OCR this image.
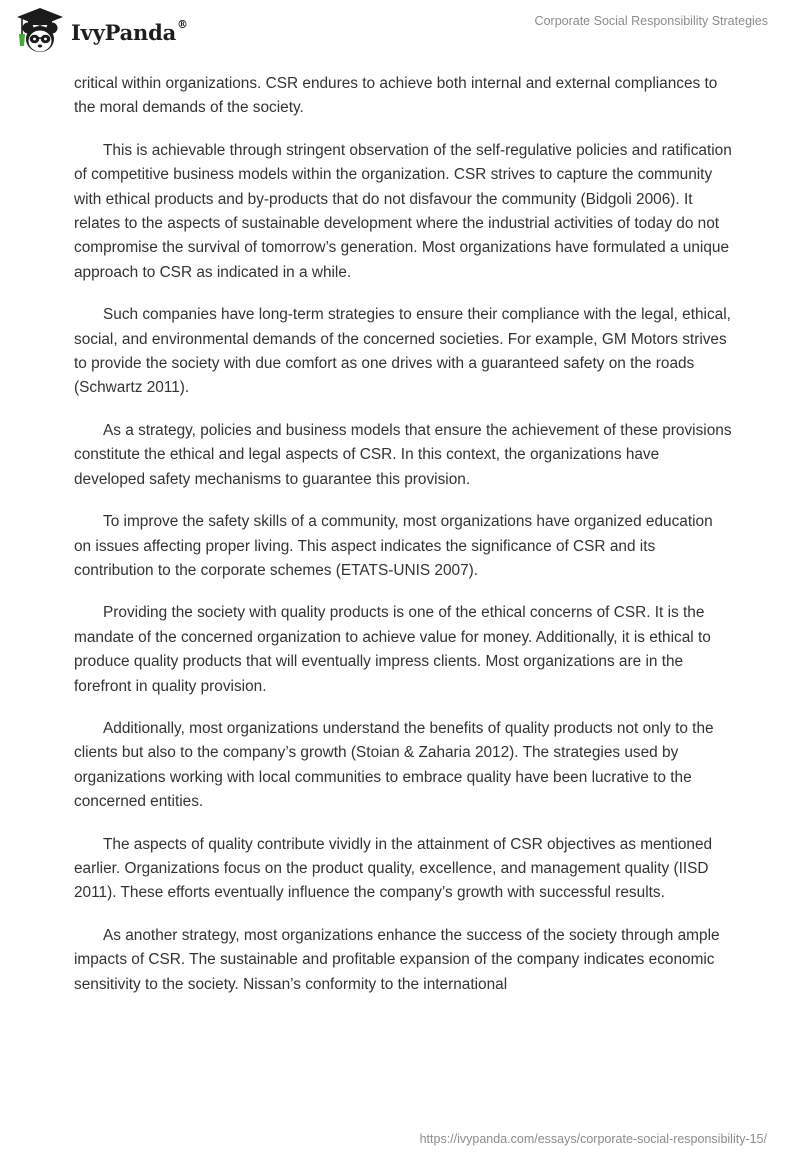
IvyPanda®	Corporate Social Responsibility Strategies

critical within organizations. CSR endures to achieve both internal and external compliances to the moral demands of the society.

This is achievable through stringent observation of the self-regulative policies and ratification of competitive business models within the organization. CSR strives to capture the community with ethical products and by-products that do not disfavour the community (Bidgoli 2006). It relates to the aspects of sustainable development where the industrial activities of today do not compromise the survival of tomorrow’s generation. Most organizations have formulated a unique approach to CSR as indicated in a while.

Such companies have long-term strategies to ensure their compliance with the legal, ethical, social, and environmental demands of the concerned societies. For example, GM Motors strives to provide the society with due comfort as one drives with a guaranteed safety on the roads (Schwartz 2011).

As a strategy, policies and business models that ensure the achievement of these provisions constitute the ethical and legal aspects of CSR. In this context, the organizations have developed safety mechanisms to guarantee this provision.

To improve the safety skills of a community, most organizations have organized education on issues affecting proper living. This aspect indicates the significance of CSR and its contribution to the corporate schemes (ETATS-UNIS 2007).

Providing the society with quality products is one of the ethical concerns of CSR. It is the mandate of the concerned organization to achieve value for money. Additionally, it is ethical to produce quality products that will eventually impress clients. Most organizations are in the forefront in quality provision.

Additionally, most organizations understand the benefits of quality products not only to the clients but also to the company’s growth (Stoian & Zaharia 2012). The strategies used by organizations working with local communities to embrace quality have been lucrative to the concerned entities.

The aspects of quality contribute vividly in the attainment of CSR objectives as mentioned earlier. Organizations focus on the product quality, excellence, and management quality (IISD 2011). These efforts eventually influence the company’s growth with successful results.

As another strategy, most organizations enhance the success of the society through ample impacts of CSR. The sustainable and profitable expansion of the company indicates economic sensitivity to the society. Nissan’s conformity to the international

https://ivypanda.com/essays/corporate-social-responsibility-15/
